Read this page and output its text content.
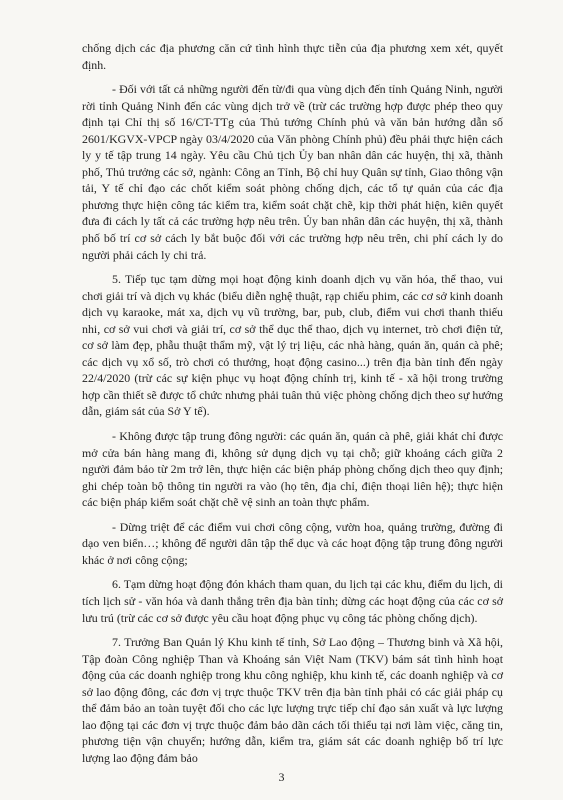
chống dịch các địa phương căn cứ tình hình thực tiễn của địa phương xem xét, quyết định.

- Đối với tất cả những người đến từ/đi qua vùng dịch đến tỉnh Quảng Ninh, người rời tỉnh Quảng Ninh đến các vùng dịch trở về (trừ các trường hợp được phép theo quy định tại Chỉ thị số 16/CT-TTg của Thủ tướng Chính phủ và văn bản hướng dẫn số 2601/KGVX-VPCP ngày 03/4/2020 của Văn phòng Chính phủ) đều phải thực hiện cách ly y tế tập trung 14 ngày. Yêu cầu Chủ tịch Ủy ban nhân dân các huyện, thị xã, thành phố, Thủ trưởng các sở, ngành: Công an Tỉnh, Bộ chỉ huy Quân sự tỉnh, Giao thông vận tải, Y tế chỉ đạo các chốt kiểm soát phòng chống dịch, các tổ tự quản của các địa phương thực hiện công tác kiểm tra, kiểm soát chặt chẽ, kịp thời phát hiện, kiên quyết đưa đi cách ly tất cả các trường hợp nêu trên. Ủy ban nhân dân các huyện, thị xã, thành phố bố trí cơ sở cách ly bắt buộc đối với các trường hợp nêu trên, chi phí cách ly do người phải cách ly chi trả.

5. Tiếp tục tạm dừng mọi hoạt động kinh doanh dịch vụ văn hóa, thể thao, vui chơi giải trí và dịch vụ khác (biểu diễn nghệ thuật, rạp chiếu phim, các cơ sở kinh doanh dịch vụ karaoke, mát xa, dịch vụ vũ trường, bar, pub, club, điểm vui chơi thanh thiếu nhi, cơ sở vui chơi và giải trí, cơ sở thể dục thể thao, dịch vụ internet, trò chơi điện tử, cơ sở làm đẹp, phẫu thuật thẩm mỹ, vật lý trị liệu, các nhà hàng, quán ăn, quán cà phê; các dịch vụ xổ số, trò chơi có thưởng, hoạt động casino...) trên địa bàn tỉnh đến ngày 22/4/2020 (trừ các sự kiện phục vụ hoạt động chính trị, kinh tế - xã hội trong trường hợp cần thiết sẽ được tổ chức nhưng phải tuân thủ việc phòng chống dịch theo sự hướng dẫn, giám sát của Sở Y tế).

- Không được tập trung đông người: các quán ăn, quán cà phê, giải khát chỉ được mở cửa bán hàng mang đi, không sử dụng dịch vụ tại chỗ; giữ khoảng cách giữa 2 người đảm bảo từ 2m trở lên, thực hiện các biện pháp phòng chống dịch theo quy định; ghi chép toàn bộ thông tin người ra vào (họ tên, địa chỉ, điện thoại liên hệ); thực hiện các biện pháp kiểm soát chặt chẽ vệ sinh an toàn thực phẩm.

- Dừng triệt để các điểm vui chơi công cộng, vườn hoa, quảng trường, đường đi dạo ven biển…; không để người dân tập thể dục và các hoạt động tập trung đông người khác ở nơi công cộng;

6. Tạm dừng hoạt động đón khách tham quan, du lịch tại các khu, điểm du lịch, di tích lịch sử - văn hóa và danh thắng trên địa bàn tỉnh; dừng các hoạt động của các cơ sở lưu trú (trừ các cơ sở được yêu cầu hoạt động phục vụ công tác phòng chống dịch).

7. Trưởng Ban Quản lý Khu kinh tế tỉnh, Sở Lao động – Thương binh và Xã hội, Tập đoàn Công nghiệp Than và Khoáng sản Việt Nam (TKV) bám sát tình hình hoạt động của các doanh nghiệp trong khu công nghiệp, khu kinh tế, các doanh nghiệp và cơ sở lao động đông, các đơn vị trực thuộc TKV trên địa bàn tỉnh phải có các giải pháp cụ thể đảm bảo an toàn tuyệt đối cho các lực lượng trực tiếp chỉ đạo sản xuất và lực lượng lao động tại các đơn vị trực thuộc đảm bảo dãn cách tối thiểu tại nơi làm việc, căng tin, phương tiện vận chuyển; hướng dẫn, kiểm tra, giám sát các doanh nghiệp bố trí lực lượng lao động đảm bảo

3
